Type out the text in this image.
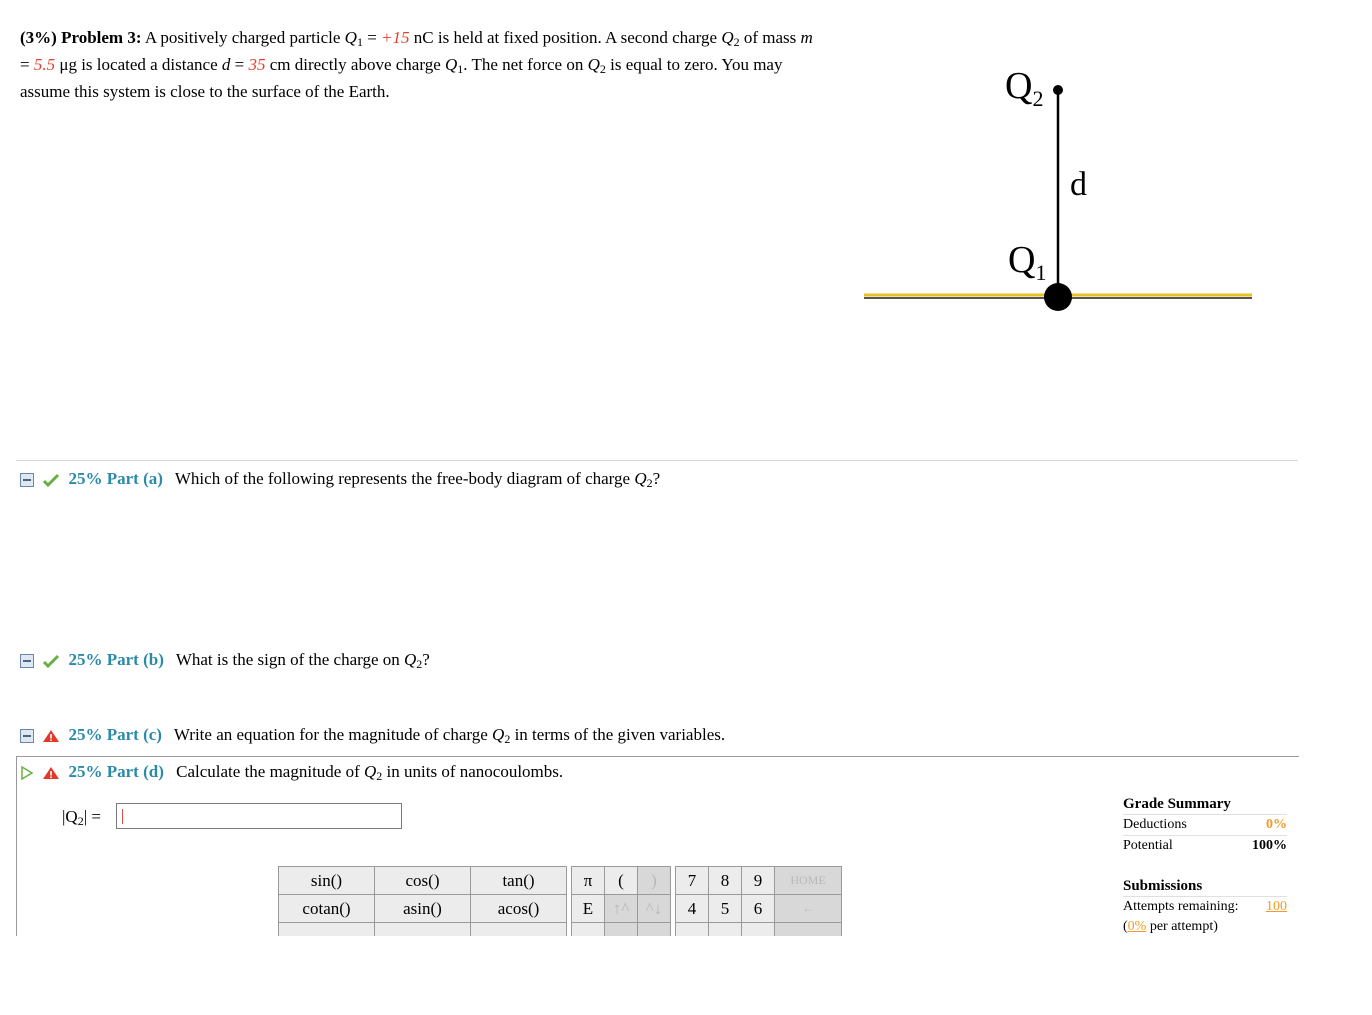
(3%) Problem 3: A positively charged particle $Q_1 = +15$ nC is held at fixed position. A second charge $Q_2$ of mass m = 5.5 μg is located a distance d = 35 cm directly above charge $Q_1$. The net force on $Q_2$ is equal to zero. You may assume this system is close to the surface of the Earth.	$Q_2$
d
$Q_1$
25% Part (a) Which of the following represents the free-body diagram of charge $Q_2$?
25% Part (b) What is the sign of the charge on $Q_2$?
25% Part (c) Write an equation for the magnitude of charge $Q_2$ in terms of the given variables.
25% Part (d) Calculate the magnitude of $Q_2$ in units of nanocoulombs.
$|Q_2|$ =
sin()	cos()	tan()		π	(	)		7	8	9	HOME
cotan()	asin()	acos()		E	↑^	^↓		4	5	6	←

Grade Summary
Deductions	0%
Potential	100%
Submissions
Attempts remaining: 100
(0% per attempt)
